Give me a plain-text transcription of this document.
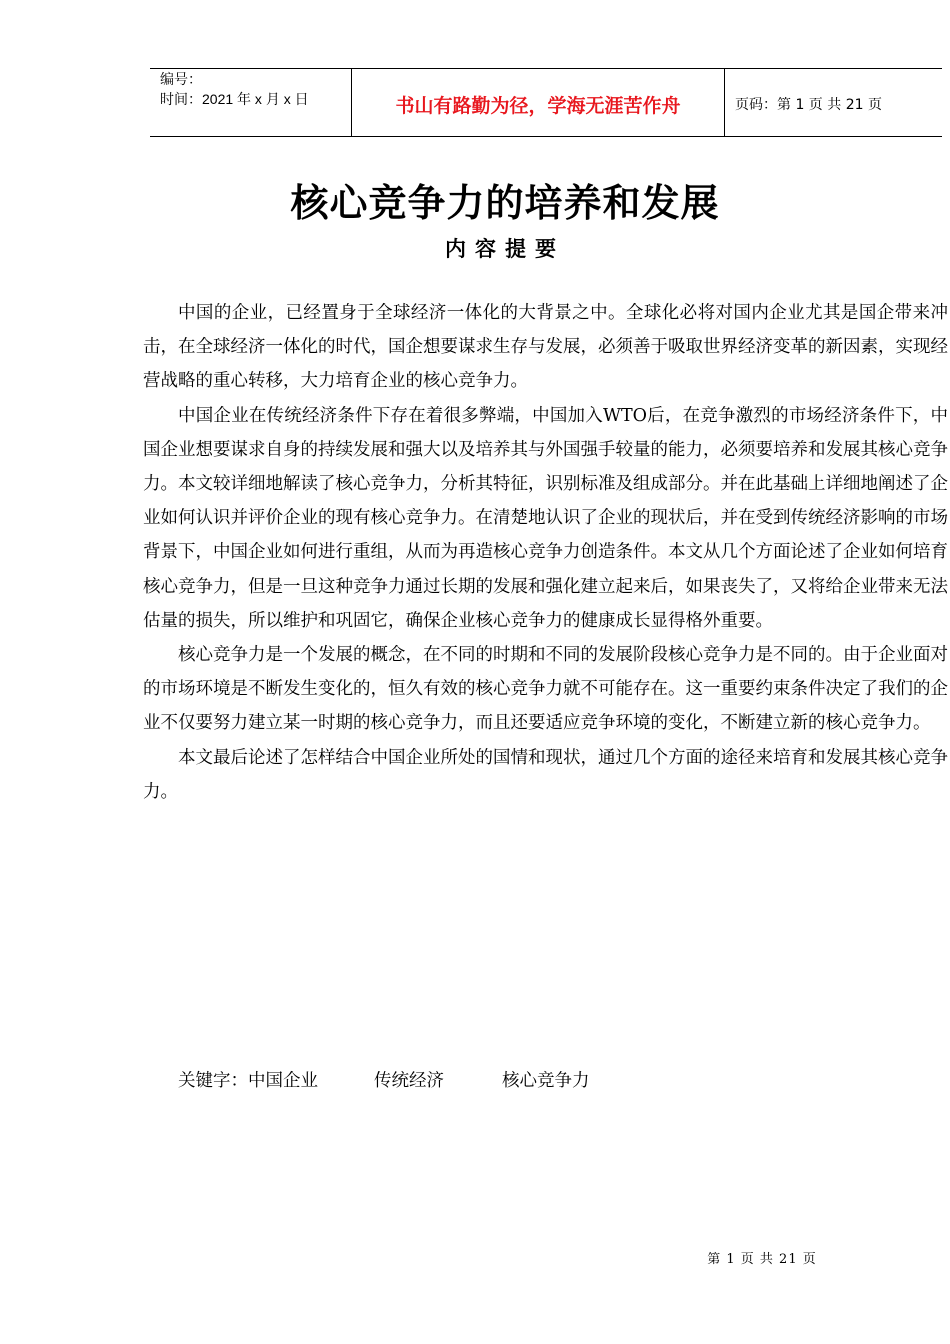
编号：
时间：2021 年 x 月 x 日	书山有路勤为径，学海无涯苦作舟	页码：第 1 页 共 21 页
核心竞争力的培养和发展
内容提要

中国的企业，已经置身于全球经济一体化的大背景之中。全球化必将对国内企业尤其是国企带来冲击，在全球经济一体化的时代，国企想要谋求生存与发展，必须善于吸取世界经济变革的新因素，实现经营战略的重心转移，大力培育企业的核心竞争力。

中国企业在传统经济条件下存在着很多弊端，中国加入WTO后，在竞争激烈的市场经济条件下，中国企业想要谋求自身的持续发展和强大以及培养其与外国强手较量的能力，必须要培养和发展其核心竞争力。本文较详细地解读了核心竞争力，分析其特征，识别标准及组成部分。并在此基础上详细地阐述了企业如何认识并评价企业的现有核心竞争力。在清楚地认识了企业的现状后，并在受到传统经济影响的市场背景下，中国企业如何进行重组，从而为再造核心竞争力创造条件。本文从几个方面论述了企业如何培育核心竞争力，但是一旦这种竞争力通过长期的发展和强化建立起来后，如果丧失了，又将给企业带来无法估量的损失，所以维护和巩固它，确保企业核心竞争力的健康成长显得格外重要。

核心竞争力是一个发展的概念，在不同的时期和不同的发展阶段核心竞争力是不同的。由于企业面对的市场环境是不断发生变化的，恒久有效的核心竞争力就不可能存在。这一重要约束条件决定了我们的企业不仅要努力建立某一时期的核心竞争力，而且还要适应竞争环境的变化，不断建立新的核心竞争力。

本文最后论述了怎样结合中国企业所处的国情和现状，通过几个方面的途径来培育和发展其核心竞争力。

关键字：中国企业	传统经济	核心竞争力
第 1 页 共 21 页
